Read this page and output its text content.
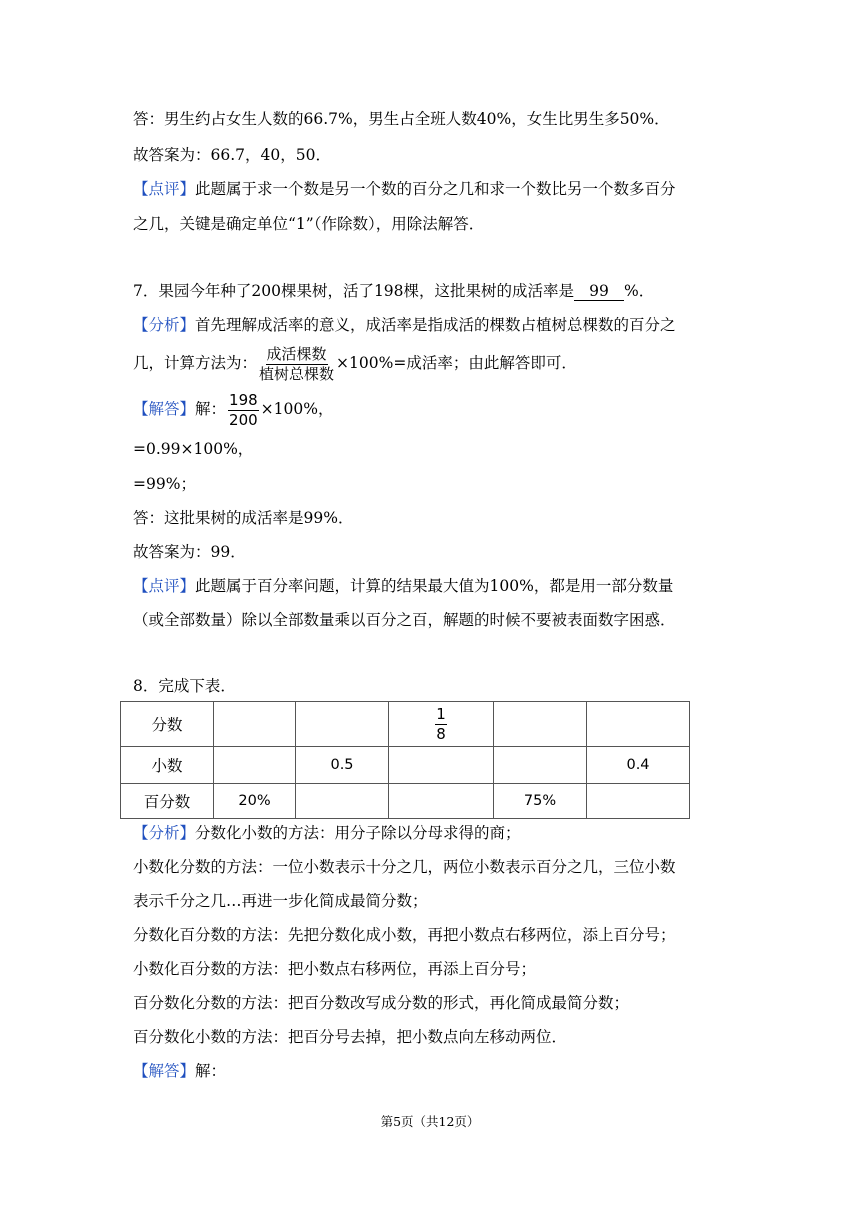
答：男生约占女生人数的66.7%，男生占全班人数40%，女生比男生多50%．
故答案为：66.7，40，50．
【点评】此题属于求一个数是另一个数的百分之几和求一个数比另一个数多百分
之几，关键是确定单位“1”（作除数），用除法解答．
7．果园今年种了200棵果树，活了198棵，这批果树的成活率是 99 %．
【分析】首先理解成活率的意义，成活率是指成活的棵数占植树总棵数的百分之
几，计算方法为： $\frac{\text{成活棵数}}{\text{植树总棵数}} \times 100\%=$成活率；由此解答即可．
【解答】解： $\frac{198}{200} \times 100\%$，
=0.99×100%，
=99%；
答：这批果树的成活率是99%．
故答案为：99．
【点评】此题属于百分率问题，计算的结果最大值为100%，都是用一部分数量
（或全部数量）除以全部数量乘以百分之百，解题的时候不要被表面数字困惑．
8．完成下表．
分数			$\frac{1}{8}$

小数		0.5			0.4
百分数	20%			75%	
【分析】分数化小数的方法：用分子除以分母求得的商；
小数化分数的方法：一位小数表示十分之几，两位小数表示百分之几，三位小数
表示千分之几…再进一步化简成最简分数；
分数化百分数的方法：先把分数化成小数，再把小数点右移两位，添上百分号；
小数化百分数的方法：把小数点右移两位，再添上百分号；
百分数化分数的方法：把百分数改写成分数的形式，再化简成最简分数；
百分数化小数的方法：把百分号去掉，把小数点向左移动两位．
【解答】解：
第5页（共12页）
